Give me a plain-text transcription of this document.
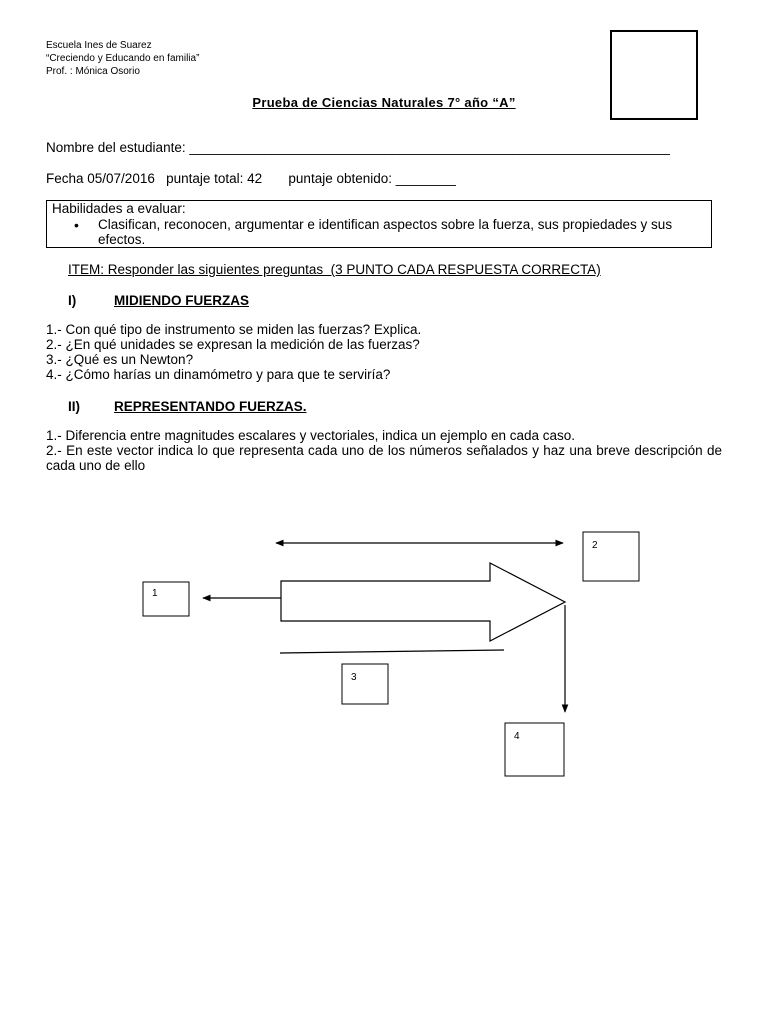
Escuela Ines de Suarez
“Creciendo y Educando en familia”
Prof. : Mónica Osorio
Prueba de Ciencias Naturales 7° año “A”
Nombre del estudiante: ________________________________________________________________
Fecha 05/07/2016   puntaje total: 42       puntaje obtenido: ________
Habilidades a evaluar:
• Clasifican, reconocen, argumentar e identifican aspectos sobre la fuerza, sus propiedades y sus efectos.
ITEM: Responder las siguientes preguntas  (3 PUNTO CADA RESPUESTA CORRECTA)
I)	MIDIENDO FUERZAS
1.- Con qué tipo de instrumento se miden las fuerzas? Explica.
2.- ¿En qué unidades se expresan la medición de las fuerzas?
3.- ¿Qué es un Newton?
4.- ¿Cómo harías un dinamómetro y para que te serviría?
II)	REPRESENTANDO FUERZAS.
1.- Diferencia entre magnitudes escalares y vectoriales, indica un ejemplo en cada caso.
2.- En este vector indica lo que representa cada uno de los números señalados y haz una breve descripción de cada uno de ello
1
2
3
4
